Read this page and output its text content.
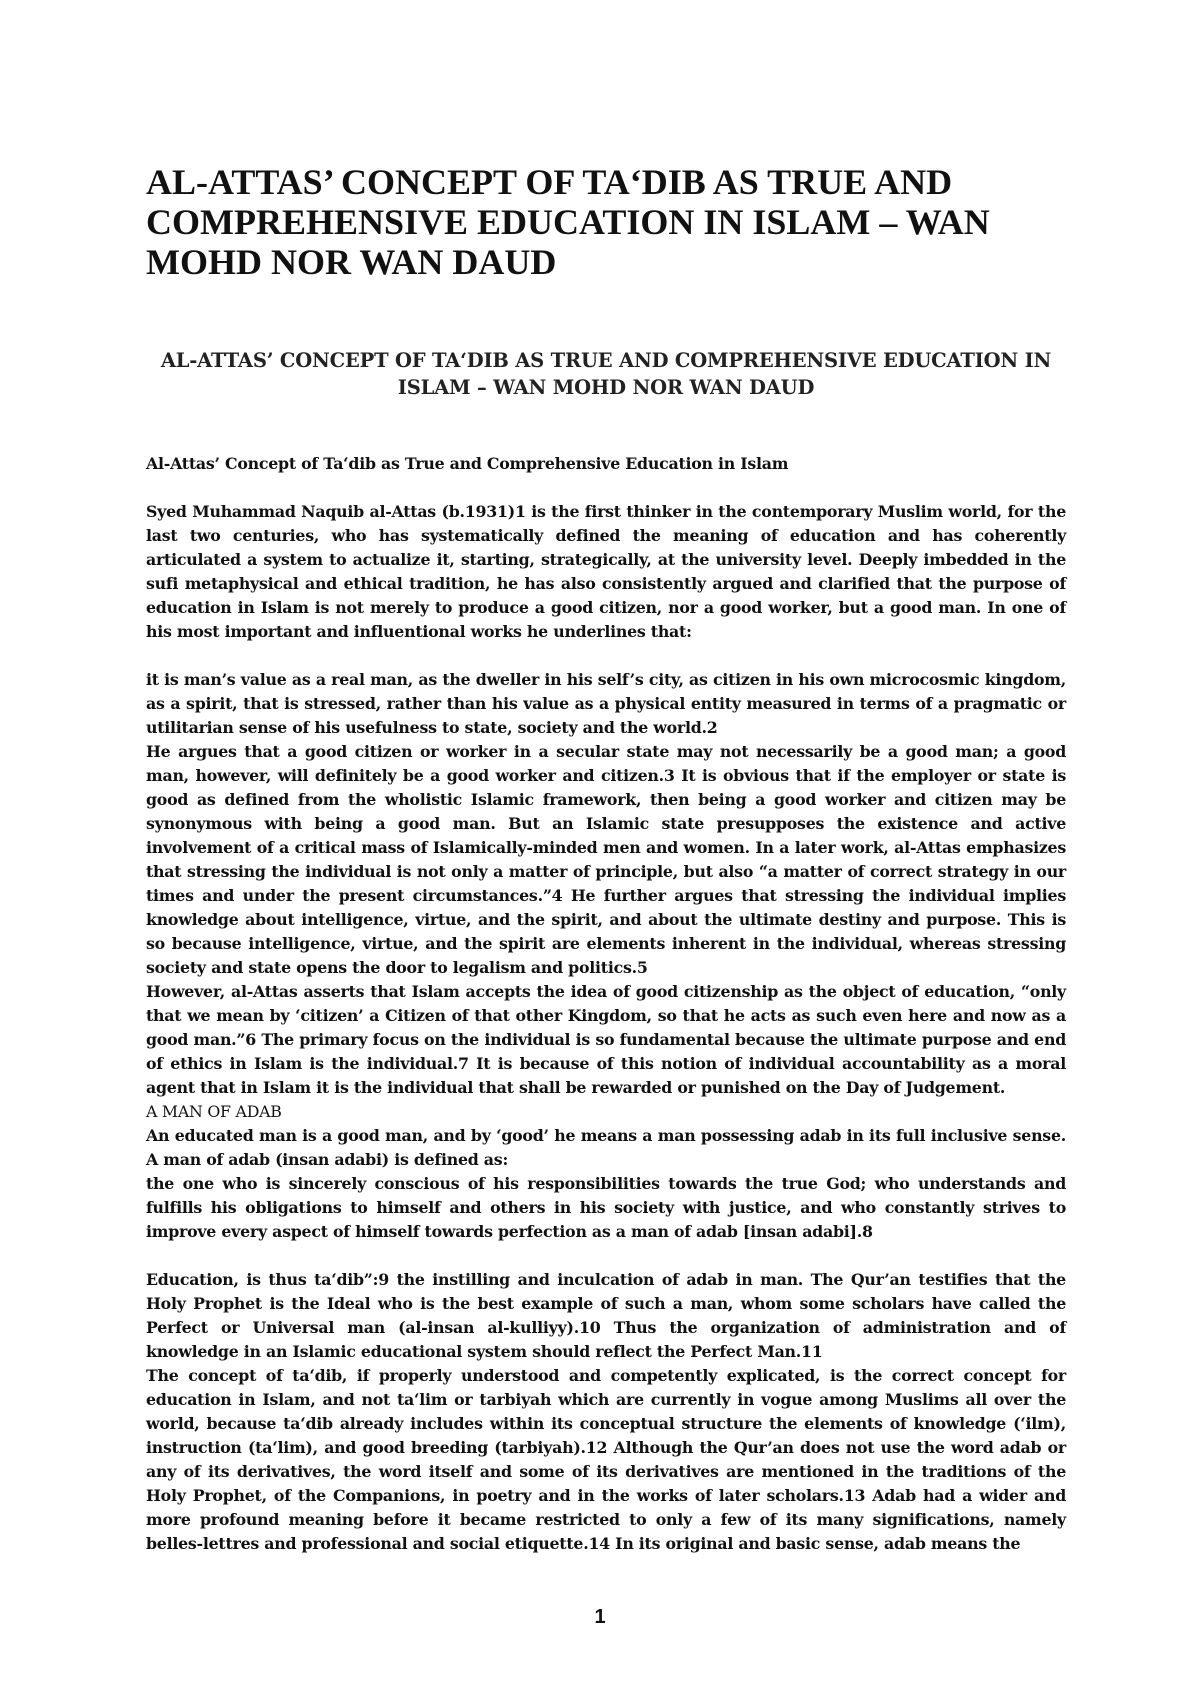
AL-ATTAS’ CONCEPT OF TA‘DIB AS TRUE AND COMPREHENSIVE EDUCATION IN ISLAM – WAN MOHD NOR WAN DAUD
AL-ATTAS’ CONCEPT OF TA‘DIB AS TRUE AND COMPREHENSIVE EDUCATION IN ISLAM – WAN MOHD NOR WAN DAUD

Al-Attas’ Concept of Ta‘dib as True and Comprehensive Education in Islam

Syed Muhammad Naquib al-Attas (b.1931)1 is the first thinker in the contemporary Muslim world, for the last two centuries, who has systematically defined the meaning of education and has coherently articulated a system to actualize it, starting, strategically, at the university level. Deeply imbedded in the sufi metaphysical and ethical tradition, he has also consistently argued and clarified that the purpose of education in Islam is not merely to produce a good citizen, nor a good worker, but a good man. In one of his most important and influentional works he underlines that:

it is man’s value as a real man, as the dweller in his self’s city, as citizen in his own microcosmic kingdom, as a spirit, that is stressed, rather than his value as a physical entity measured in terms of a pragmatic or utilitarian sense of his usefulness to state, society and the world.2

He argues that a good citizen or worker in a secular state may not necessarily be a good man; a good man, however, will definitely be a good worker and citizen.3 It is obvious that if the employer or state is good as defined from the wholistic Islamic framework, then being a good worker and citizen may be synonymous with being a good man. But an Islamic state presupposes the existence and active involvement of a critical mass of Islamically-minded men and women. In a later work, al-Attas emphasizes that stressing the individual is not only a matter of principle, but also “a matter of correct strategy in our times and under the present circumstances.”4 He further argues that stressing the individual implies knowledge about intelligence, virtue, and the spirit, and about the ultimate destiny and purpose. This is so because intelligence, virtue, and the spirit are elements inherent in the individual, whereas stressing society and state opens the door to legalism and politics.5

However, al-Attas asserts that Islam accepts the idea of good citizenship as the object of education, “only that we mean by ‘citizen’ a Citizen of that other Kingdom, so that he acts as such even here and now as a good man.”6 The primary focus on the individual is so fundamental because the ultimate purpose and end of ethics in Islam is the individual.7 It is because of this notion of individual accountability as a moral agent that in Islam it is the individual that shall be rewarded or punished on the Day of Judgement.

A MAN OF ADAB

An educated man is a good man, and by ‘good’ he means a man possessing adab in its full inclusive sense. A man of adab (insan adabi) is defined as:

the one who is sincerely conscious of his responsibilities towards the true God; who understands and fulfills his obligations to himself and others in his society with justice, and who constantly strives to improve every aspect of himself towards perfection as a man of adab [insan adabi].8

Education, is thus ta‘dib”:9 the instilling and inculcation of adab in man. The Qur’an testifies that the Holy Prophet is the Ideal who is the best example of such a man, whom some scholars have called the Perfect or Universal man (al-insan al-kulliyy).10 Thus the organization of administration and of knowledge in an Islamic educational system should reflect the Perfect Man.11

The concept of ta‘dib, if properly understood and competently explicated, is the correct concept for education in Islam, and not ta‘lim or tarbiyah which are currently in vogue among Muslims all over the world, because ta‘dib already includes within its conceptual structure the elements of knowledge (‘ilm), instruction (ta‘lim), and good breeding (tarbiyah).12 Although the Qur’an does not use the word adab or any of its derivatives, the word itself and some of its derivatives are mentioned in the traditions of the Holy Prophet, of the Companions, in poetry and in the works of later scholars.13 Adab had a wider and more profound meaning before it became restricted to only a few of its many significations, namely belles-lettres and professional and social etiquette.14 In its original and basic sense, adab means the

1
